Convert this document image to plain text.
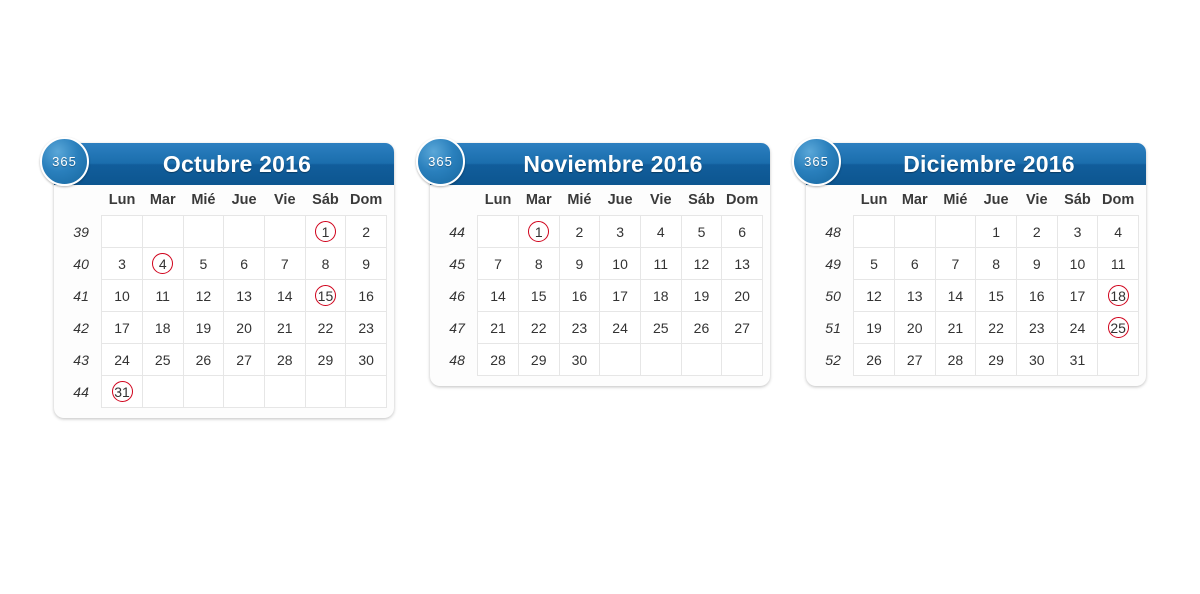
365	Octubre 2016
	Lun	Mar	Mié	Jue	Vie	Sáb	Dom
39						1	2
40	3	4	5	6	7	8	9
41	10	11	12	13	14	15	16
42	17	18	19	20	21	22	23
43	24	25	26	27	28	29	30
44	31						
365	Noviembre 2016
	Lun	Mar	Mié	Jue	Vie	Sáb	Dom
44		1	2	3	4	5	6
45	7	8	9	10	11	12	13
46	14	15	16	17	18	19	20
47	21	22	23	24	25	26	27
48	28	29	30				
365	Diciembre 2016
	Lun	Mar	Mié	Jue	Vie	Sáb	Dom
48				1	2	3	4
49	5	6	7	8	9	10	11
50	12	13	14	15	16	17	18
51	19	20	21	22	23	24	25
52	26	27	28	29	30	31	
